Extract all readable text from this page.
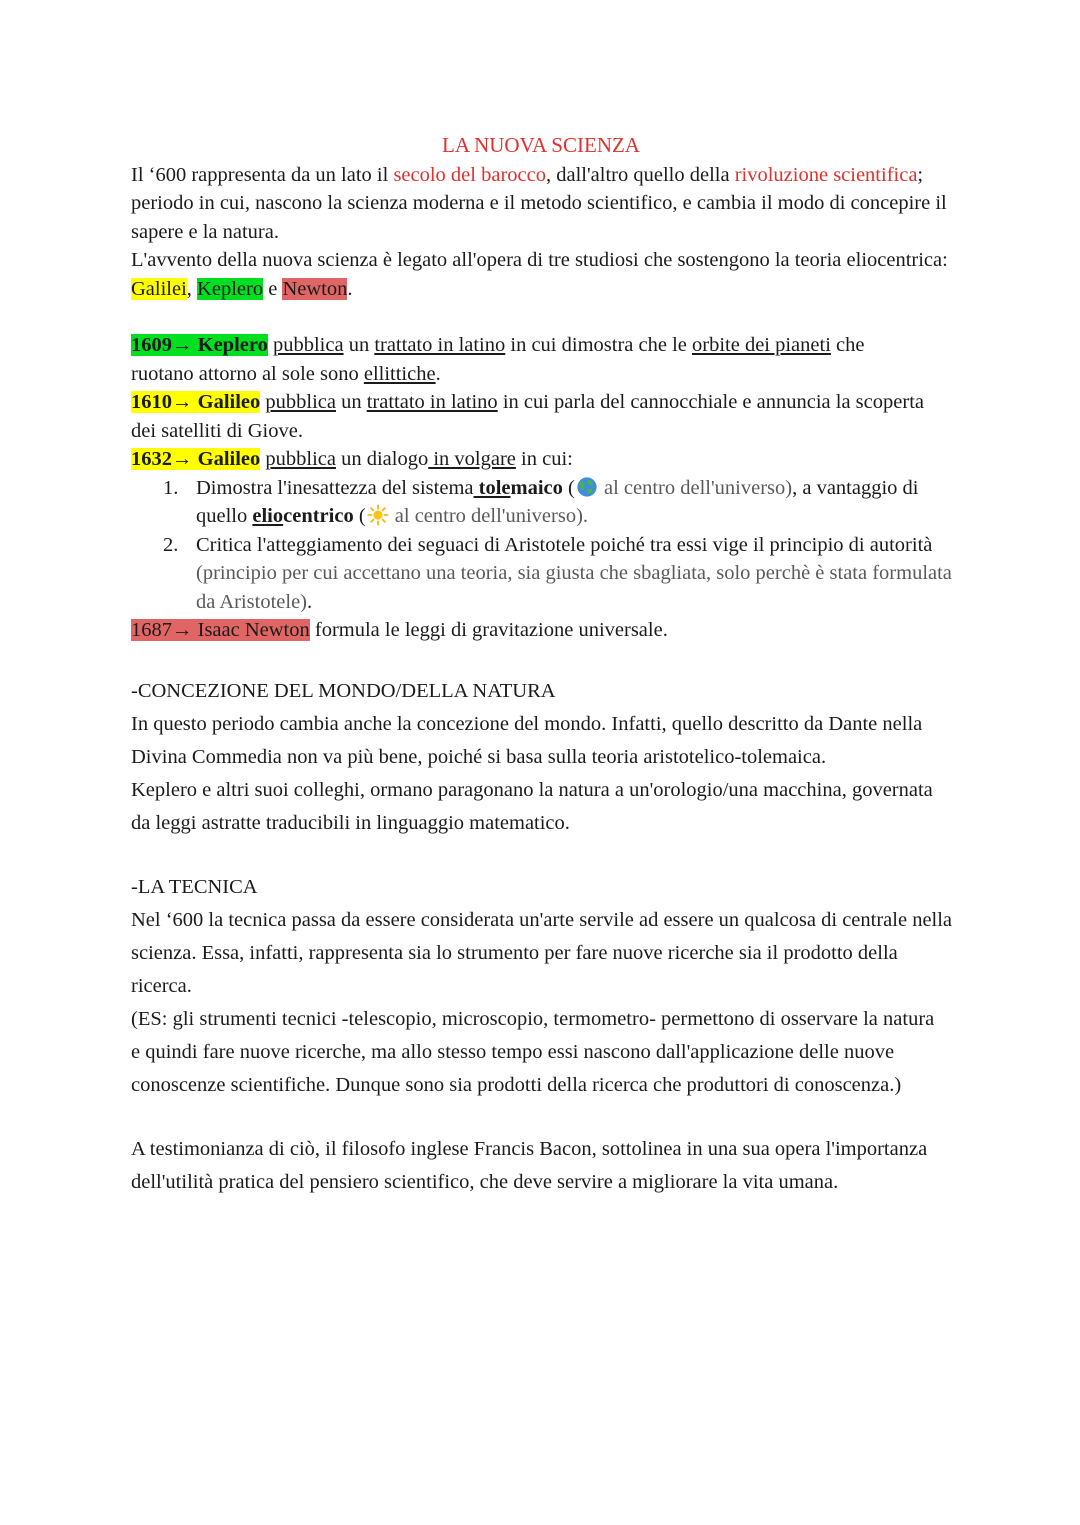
LA NUOVA SCIENZA

Il ‘600 rappresenta da un lato il secolo del barocco, dall'altro quello della rivoluzione scientifica;

periodo in cui, nascono la scienza moderna e il metodo scientifico, e cambia il modo di concepire il

sapere e la natura.

L'avvento della nuova scienza è legato all'opera di tre studiosi che sostengono la teoria eliocentrica:

Galilei, Keplero e Newton.

1609→ Keplero pubblica un trattato in latino in cui dimostra che le orbite dei pianeti che

ruotano attorno al sole sono ellittiche.

1610→ Galileo pubblica un trattato in latino in cui parla del cannocchiale e annuncia la scoperta

dei satelliti di Giove.

1632→ Galileo pubblica un dialogo in volgare in cui:

1. Dimostra l'inesattezza del sistema tolemaico ( al centro dell'universo), a vantaggio di
quello eliocentrico ( al centro dell'universo).
2. Critica l'atteggiamento dei seguaci di Aristotele poiché tra essi vige il principio di autorità
(principio per cui accettano una teoria, sia giusta che sbagliata, solo perchè è stata formulata
da Aristotele).

1687→ Isaac Newton formula le leggi di gravitazione universale.

-CONCEZIONE DEL MONDO/DELLA NATURA

In questo periodo cambia anche la concezione del mondo. Infatti, quello descritto da Dante nella

Divina Commedia non va più bene, poiché si basa sulla teoria aristotelico-tolemaica.

Keplero e altri suoi colleghi, ormano paragonano la natura a un'orologio/una macchina, governata

da leggi astratte traducibili in linguaggio matematico.

-LA TECNICA

Nel ‘600 la tecnica passa da essere considerata un'arte servile ad essere un qualcosa di centrale nella

scienza. Essa, infatti, rappresenta sia lo strumento per fare nuove ricerche sia il prodotto della

ricerca.

(ES: gli strumenti tecnici -telescopio, microscopio, termometro- permettono di osservare la natura

e quindi fare nuove ricerche, ma allo stesso tempo essi nascono dall'applicazione delle nuove

conoscenze scientifiche. Dunque sono sia prodotti della ricerca che produttori di conoscenza.)

A testimonianza di ciò, il filosofo inglese Francis Bacon, sottolinea in una sua opera l'importanza

dell'utilità pratica del pensiero scientifico, che deve servire a migliorare la vita umana.
